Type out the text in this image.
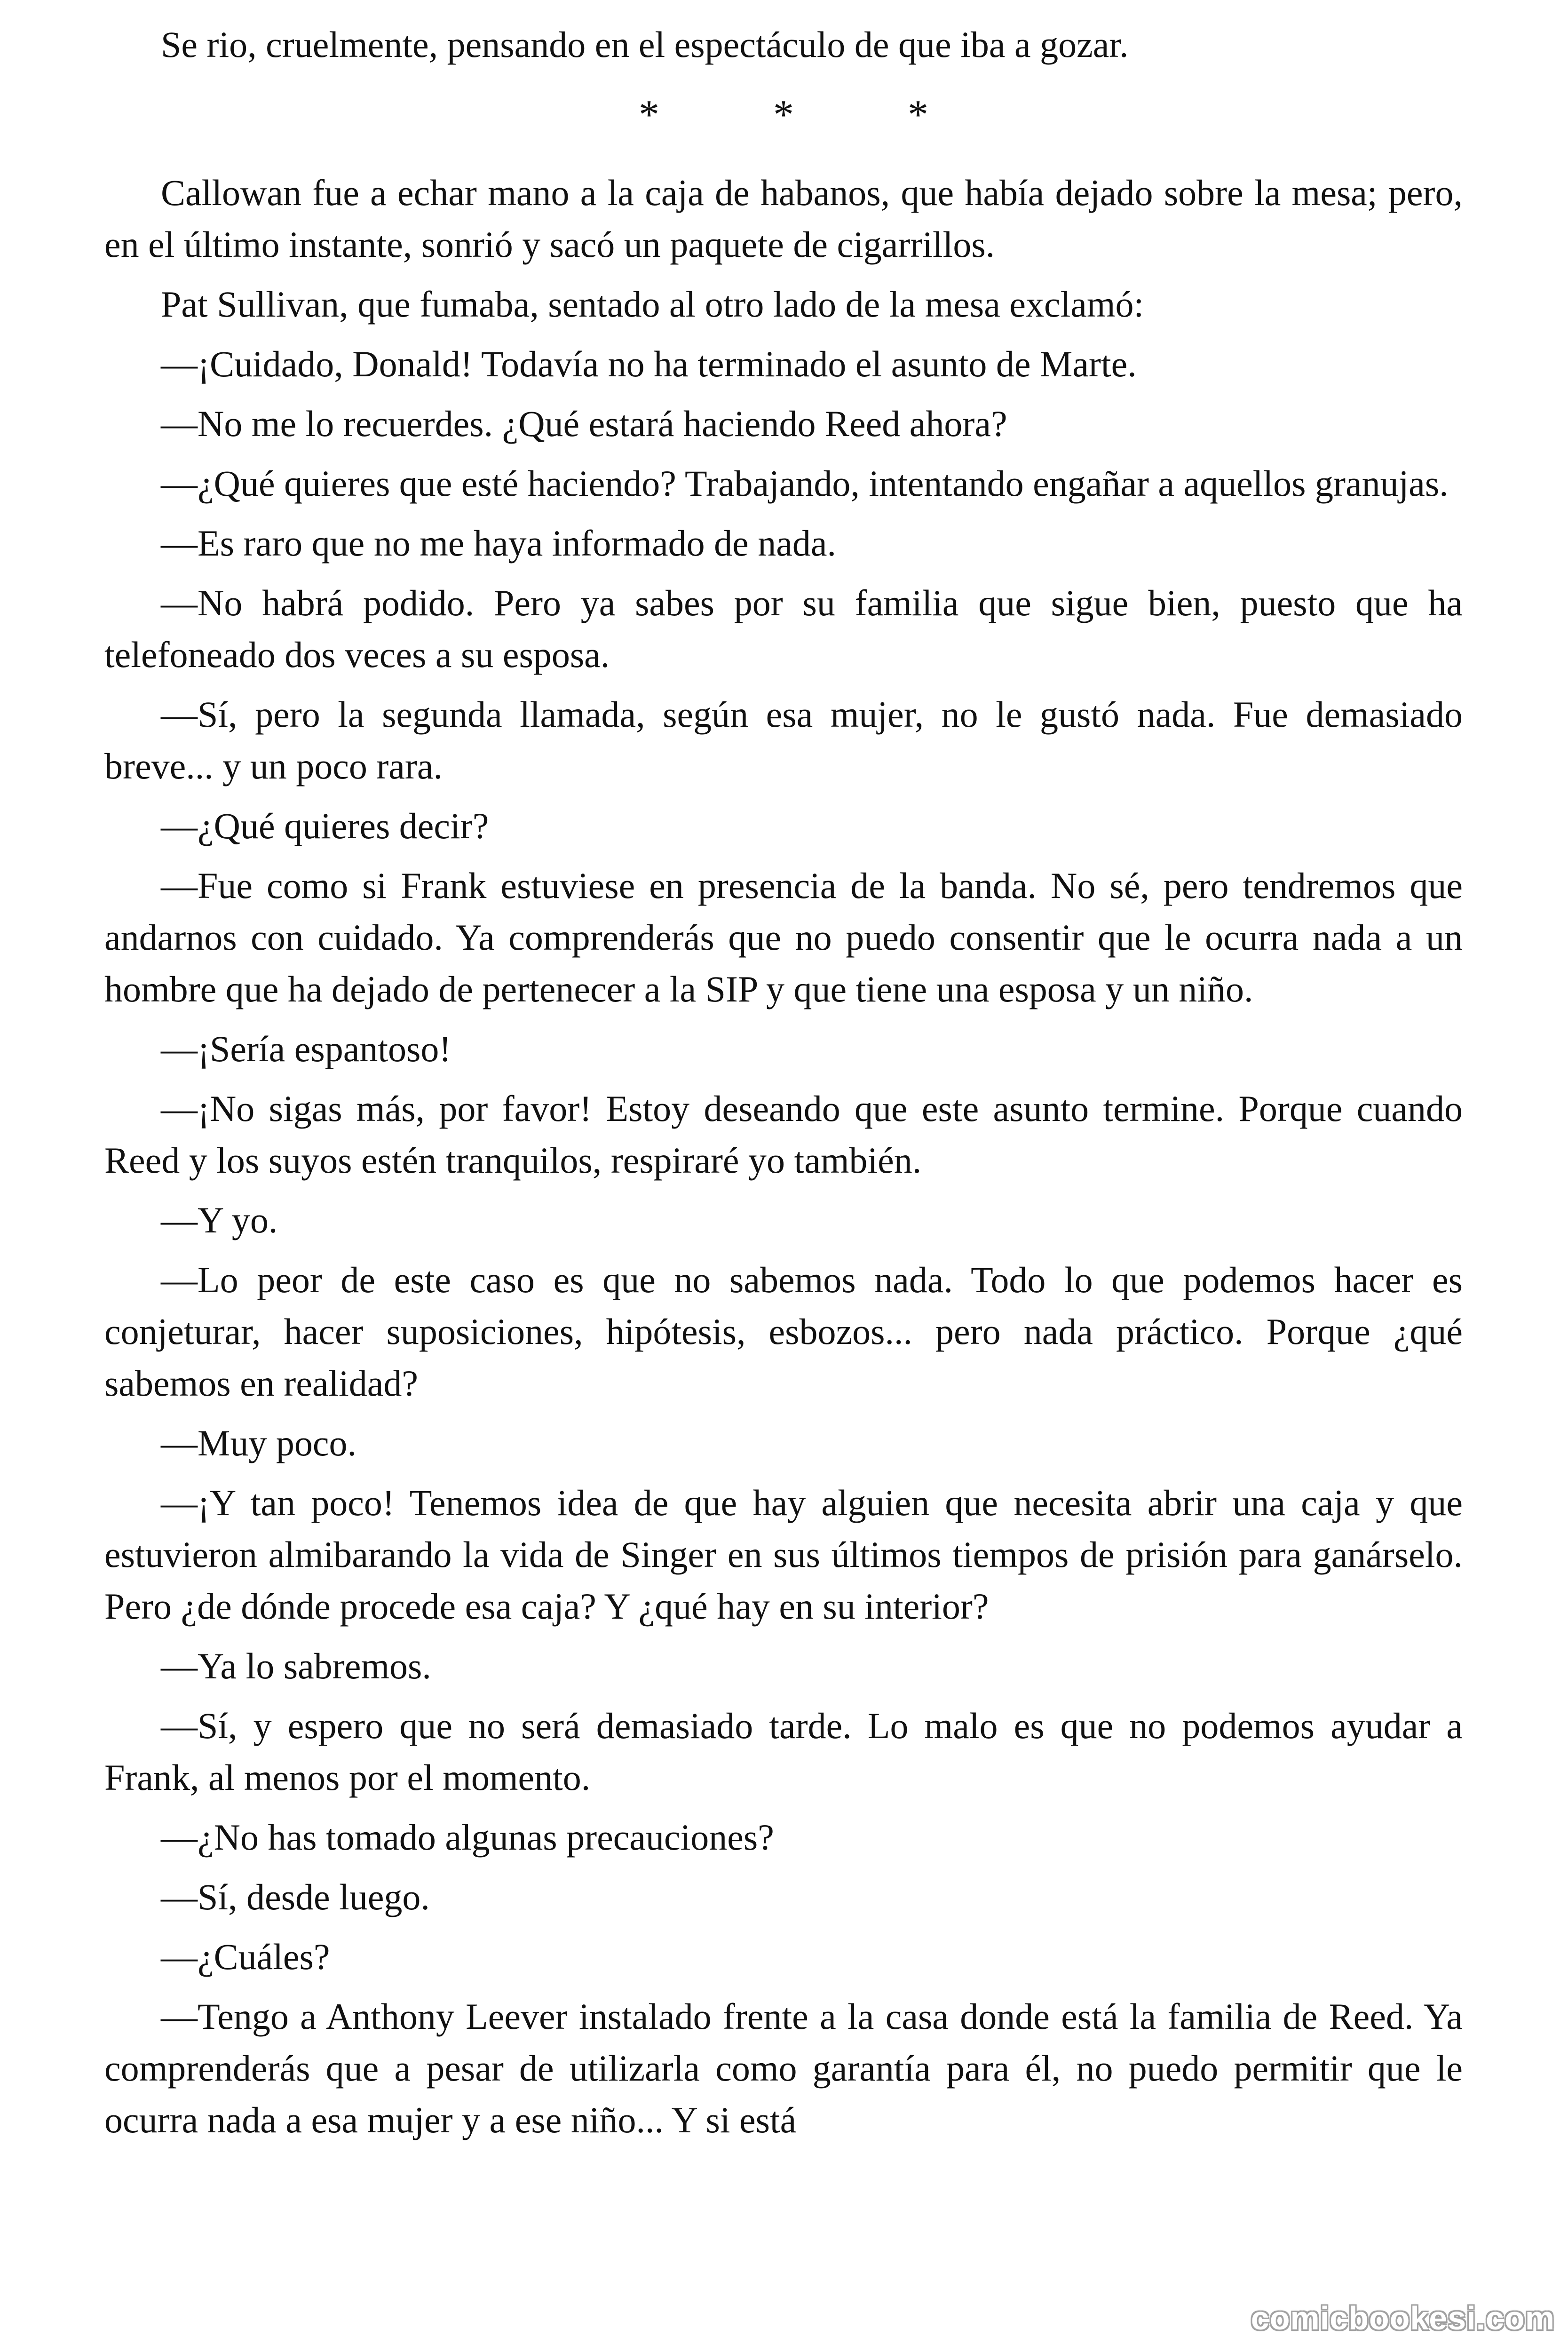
Se rio, cruelmente, pensando en el espectáculo de que iba a gozar.

* * *

Callowan fue a echar mano a la caja de habanos, que había dejado sobre la mesa; pero, en el último instante, sonrió y sacó un paquete de cigarrillos.

Pat Sullivan, que fumaba, sentado al otro lado de la mesa exclamó:

—¡Cuidado, Donald! Todavía no ha terminado el asunto de Marte.

—No me lo recuerdes. ¿Qué estará haciendo Reed ahora?

—¿Qué quieres que esté haciendo? Trabajando, intentando engañar a aquellos granujas.

—Es raro que no me haya informado de nada.

—No habrá podido. Pero ya sabes por su familia que sigue bien, puesto que ha telefoneado dos veces a su esposa.

—Sí, pero la segunda llamada, según esa mujer, no le gustó nada. Fue demasiado breve... y un poco rara.

—¿Qué quieres decir?

—Fue como si Frank estuviese en presencia de la banda. No sé, pero tendremos que andarnos con cuidado. Ya comprenderás que no puedo consentir que le ocurra nada a un hombre que ha dejado de pertenecer a la SIP y que tiene una esposa y un niño.

—¡Sería espantoso!

—¡No sigas más, por favor! Estoy deseando que este asunto termine. Porque cuando Reed y los suyos estén tranquilos, respiraré yo también.

—Y yo.

—Lo peor de este caso es que no sabemos nada. Todo lo que podemos hacer es conjeturar, hacer suposiciones, hipótesis, esbozos... pero nada práctico. Porque ¿qué sabemos en realidad?

—Muy poco.

—¡Y tan poco! Tenemos idea de que hay alguien que necesita abrir una caja y que estuvieron almibarando la vida de Singer en sus últimos tiempos de prisión para ganárselo. Pero ¿de dónde procede esa caja? Y ¿qué hay en su interior?

—Ya lo sabremos.

—Sí, y espero que no será demasiado tarde. Lo malo es que no podemos ayudar a Frank, al menos por el momento.

—¿No has tomado algunas precauciones?

—Sí, desde luego.

—¿Cuáles?

—Tengo a Anthony Leever instalado frente a la casa donde está la familia de Reed. Ya comprenderás que a pesar de utilizarla como garantía para él, no puedo permitir que le ocurra nada a esa mujer y a ese niño... Y si está

comicbookesi.com
